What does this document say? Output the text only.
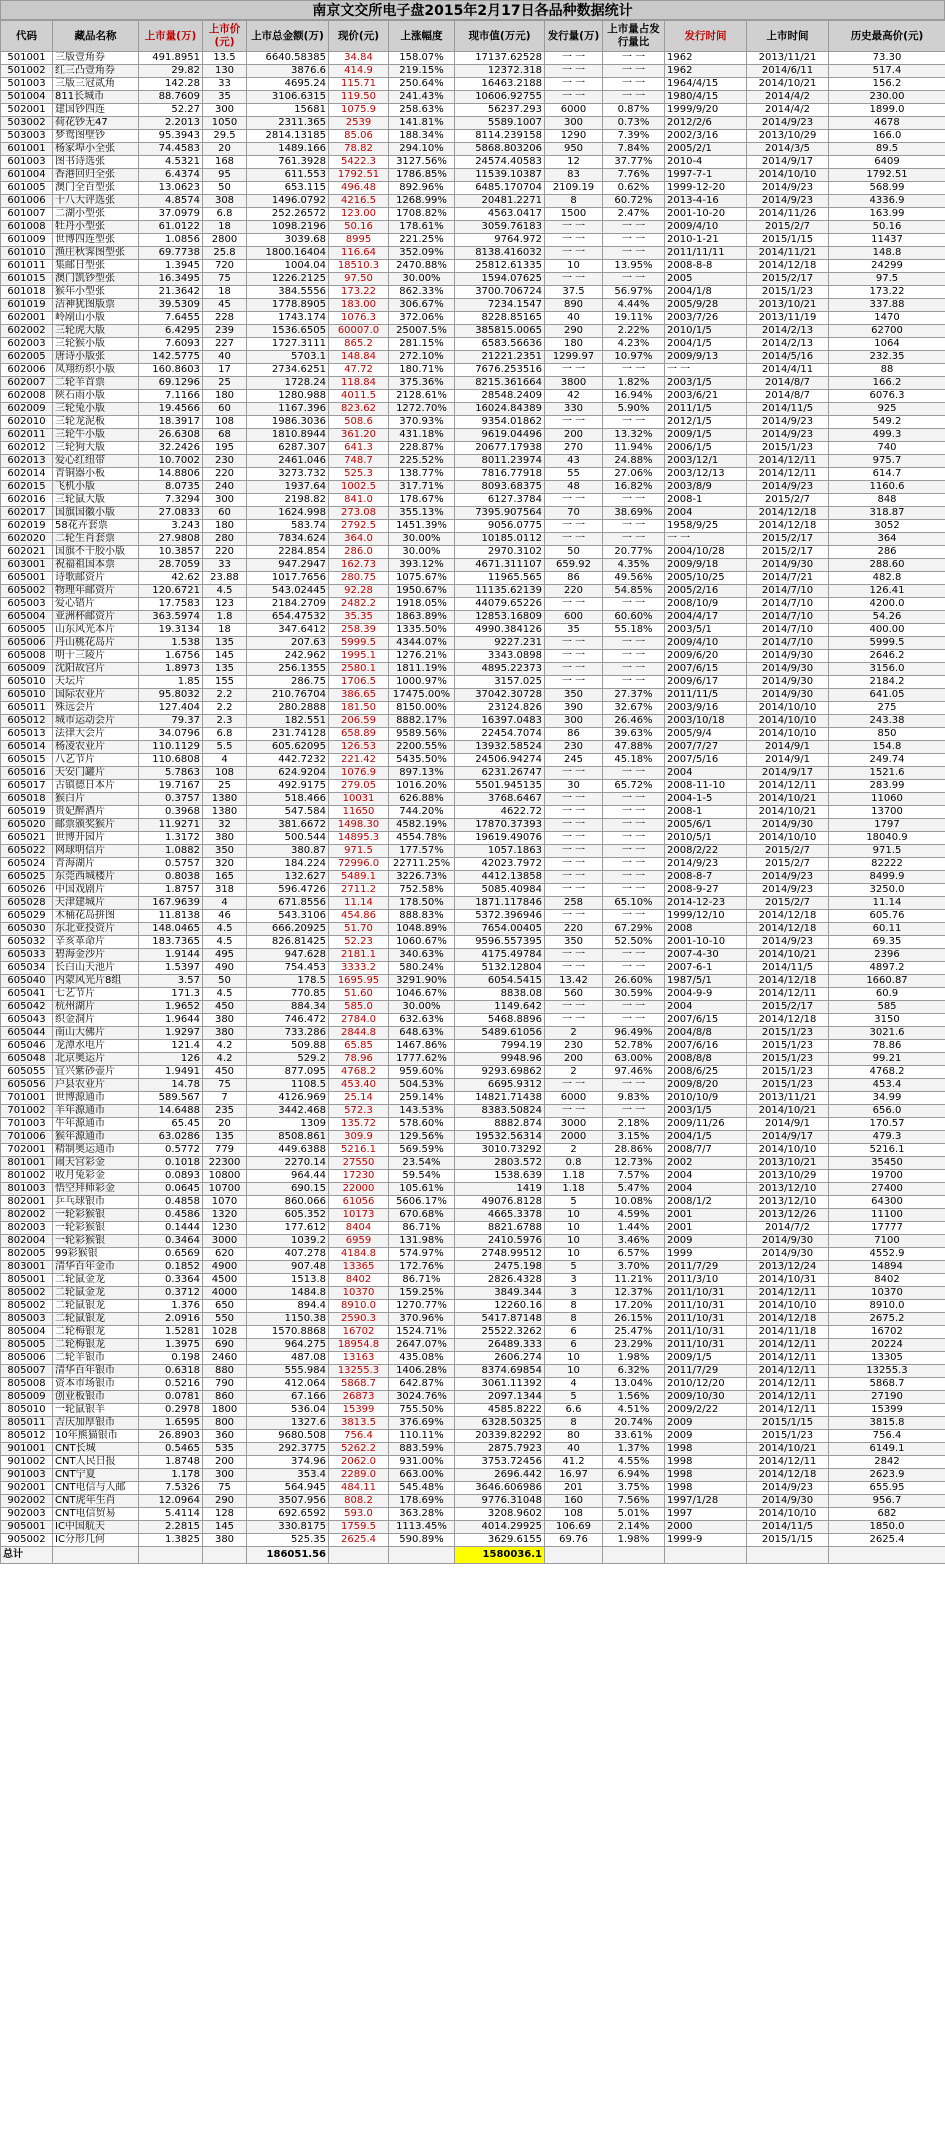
南京文交所电子盘2015年2月17日各品种数据统计
代码	藏品名称	上市量(万)	上市价(元)	上市总金额(万)	现价(元)	上涨幅度	现市值(万元)	发行量(万)	上市量占发行量比	发行时间	上市时间	历史最高价(元)
501001	三版壹角券	491.8951	13.5	6640.58385	34.84	158.07%	17137.62528	一 一	一 一	1962	2013/11/21	73.30
501002	红三凸壹角券	29.82	130	3876.6	414.9	219.15%	12372.318	一 一	一 一	1962	2014/6/11	517.4
501003	三版三冠贰角	142.28	33	4695.24	115.71	250.64%	16463.2188	一 一	一 一	1964/4/15	2014/10/21	156.2
501004	811长城币	88.7609	35	3106.6315	119.50	241.43%	10606.92755	一 一	一 一	1980/4/15	2014/4/2	230.00
502001	建国钞四连	52.27	300	15681	1075.9	258.63%	56237.293	6000	0.87%	1999/9/20	2014/4/2	1899.0
503002	荷花钞无47	2.2013	1050	2311.365	2539	141.81%	5589.1007	300	0.73%	2012/2/6	2014/9/23	4678
503003	梦鸳图壁钞	95.3943	29.5	2814.13185	85.06	188.34%	8114.239158	1290	7.39%	2002/3/16	2013/10/29	166.0
601001	杨家埠小全张	74.4583	20	1489.166	78.82	294.10%	5868.803206	950	7.84%	2005/2/1	2014/3/5	89.5
601003	图书诗选张	4.5321	168	761.3928	5422.3	3127.56%	24574.40583	12	37.77%	2010-4	2014/9/17	6409
601004	香港回归全张	6.4374	95	611.553	1792.51	1786.85%	11539.10387	83	7.76%	1997-7-1	2014/10/10	1792.51
601005	澳门全百型张	13.0623	50	653.115	496.48	892.96%	6485.170704	2109.19	0.62%	1999-12-20	2014/9/23	568.99
601006	十八大评选张	4.8574	308	1496.0792	4216.5	1268.99%	20481.2271	8	60.72%	2013-4-16	2014/9/23	4336.9
601007	二湖小型张	37.0979	6.8	252.26572	123.00	1708.82%	4563.0417	1500	2.47%	2001-10-20	2014/11/26	163.99
601008	牡丹小型张	61.0122	18	1098.2196	50.16	178.61%	3059.76183	一 一	一 一	2009/4/10	2015/2/7	50.16
601009	世博四连型张	1.0856	2800	3039.68	8995	221.25%	9764.972	一 一	一 一	2010-1-21	2015/1/15	11437
601010	渔庄秋霁图型张	69.7738	25.8	1800.16404	116.64	352.09%	8138.416032	一 一	一 一	2011/11/11	2014/11/21	148.8
601011	集邮日型张	1.3945	720	1004.04	18510.3	2470.88%	25812.61335	10	13.95%	2008-8-8	2014/12/18	24299
601015	澳门凯钞型张	16.3495	75	1226.2125	97.50	30.00%	1594.07625	一 一	一 一	2005	2015/2/17	97.5
601018	猴年小型张	21.3642	18	384.5556	173.22	862.33%	3700.706724	37.5	56.97%	2004/1/8	2015/1/23	173.22
601019	洁神犹图版票	39.5309	45	1778.8905	183.00	306.67%	7234.1547	890	4.44%	2005/9/28	2013/10/21	337.88
602001	岭剐山小版	7.6455	228	1743.174	1076.3	372.06%	8228.85165	40	19.11%	2003/7/26	2013/11/19	1470
602002	三轮虎大版	6.4295	239	1536.6505	60007.0	25007.5%	385815.0065	290	2.22%	2010/1/5	2014/2/13	62700
602003	三轮猴小版	7.6093	227	1727.3111	865.2	281.15%	6583.56636	180	4.23%	2004/1/5	2014/2/13	1064
602005	唐诗小版张	142.5775	40	5703.1	148.84	272.10%	21221.2351	1299.97	10.97%	2009/9/13	2014/5/16	232.35
602006	凤翔纺织小版	160.8603	17	2734.6251	47.72	180.71%	7676.253516	一 一	一 一	一 一	2014/4/11	88
602007	二轮羊首票	69.1296	25	1728.24	118.84	375.36%	8215.361664	3800	1.82%	2003/1/5	2014/8/7	166.2
602008	陕石雨小版	7.1166	180	1280.988	4011.5	2128.61%	28548.2409	42	16.94%	2003/6/21	2014/8/7	6076.3
602009	三轮兔小版	19.4566	60	1167.396	823.62	1272.70%	16024.84389	330	5.90%	2011/1/5	2014/11/5	925
602010	三轮龙泥板	18.3917	108	1986.3036	508.6	370.93%	9354.01862	一 一	一 一	2012/1/5	2014/9/23	549.2
602011	三轮牛小版	26.6308	68	1810.8944	361.20	431.18%	9619.04496	200	13.32%	2009/1/5	2014/9/23	499.3
602012	三轮狗大版	32.2426	195	6287.307	641.3	228.87%	20677.17938	270	11.94%	2006/1/5	2015/1/23	740
602013	爱心红纽带	10.7002	230	2461.046	748.7	225.52%	8011.23974	43	24.88%	2003/12/1	2014/12/11	975.7
602014	青铜器小板	14.8806	220	3273.732	525.3	138.77%	7816.77918	55	27.06%	2003/12/13	2014/12/11	614.7
602015	飞机小版	8.0735	240	1937.64	1002.5	317.71%	8093.68375	48	16.82%	2003/8/9	2014/9/23	1160.6
602016	三轮鼠大版	7.3294	300	2198.82	841.0	178.67%	6127.3784	一 一	一 一	2008-1	2015/2/7	848
602017	国旗国徽小版	27.0833	60	1624.998	273.08	355.13%	7395.907564	70	38.69%	2004	2014/12/18	318.87
602019	58花卉套票	3.243	180	583.74	2792.5	1451.39%	9056.0775	一 一	一 一	1958/9/25	2014/12/18	3052
602020	二轮生肖套票	27.9808	280	7834.624	364.0	30.00%	10185.0112	一 一	一 一	一 一	2015/2/17	364
602021	国旗不干胶小版	10.3857	220	2284.854	286.0	30.00%	2970.3102	50	20.77%	2004/10/28	2015/2/17	286
603001	祝福祖国本票	28.7059	33	947.2947	162.73	393.12%	4671.311107	659.92	4.35%	2009/9/18	2014/9/30	288.60
605001	诗歌邮资片	42.62	23.88	1017.7656	280.75	1075.67%	11965.565	86	49.56%	2005/10/25	2014/7/21	482.8
605002	物理年邮资片	120.6721	4.5	543.02445	92.28	1950.67%	11135.62139	220	54.85%	2005/2/16	2014/7/10	126.41
605003	爱心错片	17.7583	123	2184.2709	2482.2	1918.05%	44079.65226	一 一	一 一	2008/10/9	2014/7/10	4200.0
605004	亚洲杯邮资片	363.5974	1.8	654.47532	35.35	1863.89%	12853.16809	600	60.60%	2004/4/17	2014/7/10	54.26
605005	山东风光本片	19.3134	18	347.6412	258.39	1335.50%	4990.384126	35	55.18%	2003/5/1	2014/7/10	400.00
605006	丹山桃花岛片	1.538	135	207.63	5999.5	4344.07%	9227.231	一 一	一 一	2009/4/10	2014/7/10	5999.5
605008	明十三陵片	1.6756	145	242.962	1995.1	1276.21%	3343.0898	一 一	一 一	2009/6/20	2014/9/30	2646.2
605009	沈阳故宫片	1.8973	135	256.1355	2580.1	1811.19%	4895.22373	一 一	一 一	2007/6/15	2014/9/30	3156.0
605010	天坛片	1.85	155	286.75	1706.5	1000.97%	3157.025	一 一	一 一	2009/6/17	2014/9/30	2184.2
605010	国际农业片	95.8032	2.2	210.76704	386.65	17475.00%	37042.30728	350	27.37%	2011/11/5	2014/9/30	641.05
605011	殊远会片	127.404	2.2	280.2888	181.50	8150.00%	23124.826	390	32.67%	2003/9/16	2014/10/10	275
605012	城市运动会片	79.37	2.3	182.551	206.59	8882.17%	16397.0483	300	26.46%	2003/10/18	2014/10/10	243.38
605013	法律大会片	34.0796	6.8	231.74128	658.89	9589.56%	22454.7074	86	39.63%	2005/9/4	2014/10/10	850
605014	杨凌农业片	110.1129	5.5	605.62095	126.53	2200.55%	13932.58524	230	47.88%	2007/7/27	2014/9/1	154.8
605015	八艺节片	110.6808	4	442.7232	221.42	5435.50%	24506.94274	245	45.18%	2007/5/16	2014/9/1	249.74
605016	天安门罐片	5.7863	108	624.9204	1076.9	897.13%	6231.26747	一 一	一 一	2004	2014/9/17	1521.6
605017	古镇德日本片	19.7167	25	492.9175	279.05	1016.20%	5501.945135	30	65.72%	2008-11-10	2014/12/11	283.99
605018	猴白片	0.3757	1380	518.466	10031	626.88%	3768.6467	一 一	一 一	2004-1-5	2014/10/21	11060
605019	贵妃醉酒片	0.3968	1380	547.584	11650	744.20%	4622.72	一 一	一 一	2008-1	2014/10/21	13700
605020	邮票颁奖猴片	11.9271	32	381.6672	1498.30	4582.19%	17870.37393	一 一	一 一	2005/6/1	2014/9/30	1797
605021	世博开园片	1.3172	380	500.544	14895.3	4554.78%	19619.49076	一 一	一 一	2010/5/1	2014/10/10	18040.9
605022	网球明信片	1.0882	350	380.87	971.5	177.57%	1057.1863	一 一	一 一	2008/2/22	2015/2/7	971.5
605024	青海湖片	0.5757	320	184.224	72996.0	22711.25%	42023.7972	一 一	一 一	2014/9/23	2015/2/7	82222
605025	东莞西城楼片	0.8038	165	132.627	5489.1	3226.73%	4412.13858	一 一	一 一	2008-8-7	2014/9/23	8499.9
605026	中国戏剧片	1.8757	318	596.4726	2711.2	752.58%	5085.40984	一 一	一 一	2008-9-27	2014/9/23	3250.0
605028	天津建城片	167.9639	4	671.8556	11.14	178.50%	1871.117846	258	65.10%	2014-12-23	2015/2/7	11.14
605029	木桶花岛拼图	11.8138	46	543.3106	454.86	888.83%	5372.396946	一 一	一 一	1999/12/10	2014/12/18	605.76
605030	东北亚投资片	148.0465	4.5	666.20925	51.70	1048.89%	7654.00405	220	67.29%	2008	2014/12/18	60.11
605032	辛亥革命片	183.7365	4.5	826.81425	52.23	1060.67%	9596.557395	350	52.50%	2001-10-10	2014/9/23	69.35
605033	碧海金沙片	1.9144	495	947.628	2181.1	340.63%	4175.49784	一 一	一 一	2007-4-30	2014/10/21	2396
605034	长白山天池片	1.5397	490	754.453	3333.2	580.24%	5132.12804	一 一	一 一	2007-6-1	2014/11/5	4897.2
605040	内蒙风光片8组	3.57	50	178.5	1695.95	3291.90%	6054.5415	13.42	26.60%	1987/5/1	2014/12/18	1660.87
605041	七艺节片	171.3	4.5	770.85	51.60	1046.67%	8838.08	560	30.59%	2004-9-9	2014/12/11	60.9
605042	杭州湖片	1.9652	450	884.34	585.0	30.00%	1149.642	一 一	一 一	2004	2015/2/17	585
605043	织金洞片	1.9644	380	746.472	2784.0	632.63%	5468.8896	一 一	一 一	2007/6/15	2014/12/18	3150
605044	南山大佛片	1.9297	380	733.286	2844.8	648.63%	5489.61056	2	96.49%	2004/8/8	2015/1/23	3021.6
605046	龙潭水电片	121.4	4.2	509.88	65.85	1467.86%	7994.19	230	52.78%	2007/6/16	2015/1/23	78.86
605048	北京奥运片	126	4.2	529.2	78.96	1777.62%	9948.96	200	63.00%	2008/8/8	2015/1/23	99.21
605055	宜兴紫砂壶片	1.9491	450	877.095	4768.2	959.60%	9293.69862	2	97.46%	2008/6/25	2015/1/23	4768.2
605056	户县农业片	14.78	75	1108.5	453.40	504.53%	6695.9312	一 一	一 一	2009/8/20	2015/1/23	453.4
701001	世博源通币	589.567	7	4126.969	25.14	259.14%	14821.71438	6000	9.83%	2010/10/9	2013/11/21	34.99
701002	羊年源通币	14.6488	235	3442.468	572.3	143.53%	8383.50824	一 一	一 一	2003/1/5	2014/10/21	656.0
701003	牛年源通币	65.45	20	1309	135.72	578.60%	8882.874	3000	2.18%	2009/11/26	2014/9/1	170.57
701006	猴年源通币	63.0286	135	8508.861	309.9	129.56%	19532.56314	2000	3.15%	2004/1/5	2014/9/17	479.3
702001	精制奥运通币	0.5772	779	449.6388	5216.1	569.59%	3010.73292	2	28.86%	2008/7/7	2014/10/10	5216.1
801001	闹天宫彩金	0.1018	22300	2270.14	27550	23.54%	2803.572	0.8	12.73%	2002	2013/10/21	35450
801002	收月兔彩金	0.0893	10800	964.44	17230	59.54%	1538.639	1.18	7.57%	2004	2013/10/29	19700
801003	悟空拜师彩金	0.0645	10700	690.15	22000	105.61%	1419	1.18	5.47%	2004	2013/12/10	27400
802001	乒乓球银币	0.4858	1070	860.066	61056	5606.17%	49076.8128	5	10.08%	2008/1/2	2013/12/10	64300
802002	一轮彩猴银	0.4586	1320	605.352	10173	670.68%	4665.3378	10	4.59%	2001	2013/12/26	11100
802003	一轮彩猴银	0.1444	1230	177.612	8404	86.71%	8821.6788	10	1.44%	2001	2014/7/2	17777
802004	一轮彩猴银	0.3464	3000	1039.2	6959	131.98%	2410.5976	10	3.46%	2009	2014/9/30	7100
802005	99彩猴银	0.6569	620	407.278	4184.8	574.97%	2748.99512	10	6.57%	1999	2014/9/30	4552.9
803001	清华百年金币	0.1852	4900	907.48	13365	172.76%	2475.198	5	3.70%	2011/7/29	2013/12/24	14894
805001	二轮鼠金龙	0.3364	4500	1513.8	8402	86.71%	2826.4328	3	11.21%	2011/3/10	2014/10/31	8402
805002	二轮鼠金龙	0.3712	4000	1484.8	10370	159.25%	3849.344	3	12.37%	2011/10/31	2014/12/11	10370
805002	二轮鼠银龙	1.376	650	894.4	8910.0	1270.77%	12260.16	8	17.20%	2011/10/31	2014/10/10	8910.0
805003	二轮鼠银龙	2.0916	550	1150.38	2590.3	370.96%	5417.87148	8	26.15%	2011/10/31	2014/12/18	2675.2
805004	二轮梅银龙	1.5281	1028	1570.8868	16702	1524.71%	25522.3262	6	25.47%	2011/10/31	2014/11/18	16702
805005	二轮梅银龙	1.3975	690	964.275	18954.8	2647.07%	26489.333	6	23.29%	2011/10/31	2014/12/11	20224
805006	二轮羊银币	0.198	2460	487.08	13163	435.08%	2606.274	10	1.98%	2009/1/5	2014/12/11	13305
805007	清华百年银币	0.6318	880	555.984	13255.3	1406.28%	8374.69854	10	6.32%	2011/7/29	2014/12/11	13255.3
805008	资本市场银币	0.5216	790	412.064	5868.7	642.87%	3061.11392	4	13.04%	2010/12/20	2014/12/11	5868.7
805009	创业板银币	0.0781	860	67.166	26873	3024.76%	2097.1344	5	1.56%	2009/10/30	2014/12/11	27190
805010	一轮鼠银羊	0.2978	1800	536.04	15399	755.50%	4585.8222	6.6	4.51%	2009/2/22	2014/12/11	15399
805011	吉庆加厚银币	1.6595	800	1327.6	3813.5	376.69%	6328.50325	8	20.74%	2009	2015/1/15	3815.8
805012	10年熊猫银币	26.8903	360	9680.508	756.4	110.11%	20339.82292	80	33.61%	2009	2015/1/23	756.4
901001	CNT长城	0.5465	535	292.3775	5262.2	883.59%	2875.7923	40	1.37%	1998	2014/10/21	6149.1
901002	CNT人民日报	1.8748	200	374.96	2062.0	931.00%	3753.72456	41.2	4.55%	1998	2014/12/11	2842
901003	CNT宁夏	1.178	300	353.4	2289.0	663.00%	2696.442	16.97	6.94%	1998	2014/12/18	2623.9
902001	CNT电信与人邮	7.5326	75	564.945	484.11	545.48%	3646.606986	201	3.75%	1998	2014/9/23	655.95
902002	CNT虎年生肖	12.0964	290	3507.956	808.2	178.69%	9776.31048	160	7.56%	1997/1/28	2014/9/30	956.7
902003	CNT电信贸易	5.4114	128	692.6592	593.0	363.28%	3208.9602	108	5.01%	1997	2014/10/10	682
905001	IC中国航天	2.2815	145	330.8175	1759.5	1113.45%	4014.29925	106.69	2.14%	2000	2014/11/5	1850.0
905002	IC分形几何	1.3825	380	525.35	2625.4	590.89%	3629.6155	69.76	1.98%	1999-9	2015/1/15	2625.4
总计				186051.56			1580036.1					
